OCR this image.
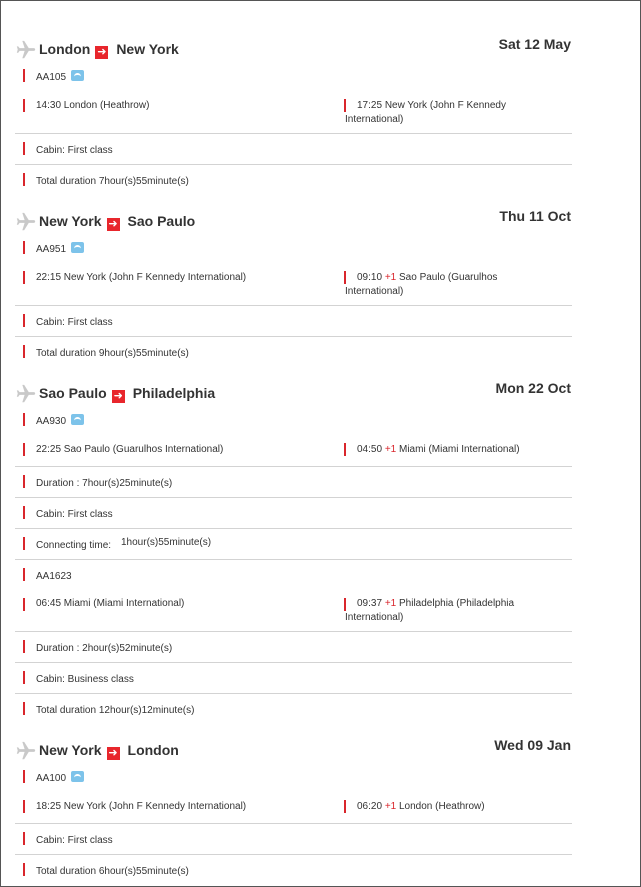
London ➜ New York	Sat 12 May
AA105
14:30 London (Heathrow)	17:25 New York (John F Kennedy International)
Cabin: First class
Total duration 7hour(s)55minute(s)
New York ➜ Sao Paulo	Thu 11 Oct
AA951
22:15 New York (John F Kennedy International)	09:10 +1 Sao Paulo (Guarulhos International)
Cabin: First class
Total duration 9hour(s)55minute(s)
Sao Paulo ➜ Philadelphia	Mon 22 Oct
AA930
22:25 Sao Paulo (Guarulhos International)	04:50 +1 Miami (Miami International)
Duration : 7hour(s)25minute(s)
Cabin: First class
Connecting time: 1hour(s)55minute(s)
AA1623
06:45 Miami (Miami International)	09:37 +1 Philadelphia (Philadelphia International)
Duration : 2hour(s)52minute(s)
Cabin: Business class
Total duration 12hour(s)12minute(s)
New York ➜ London	Wed 09 Jan
AA100
18:25 New York (John F Kennedy International)	06:20 +1 London (Heathrow)
Cabin: First class
Total duration 6hour(s)55minute(s)
